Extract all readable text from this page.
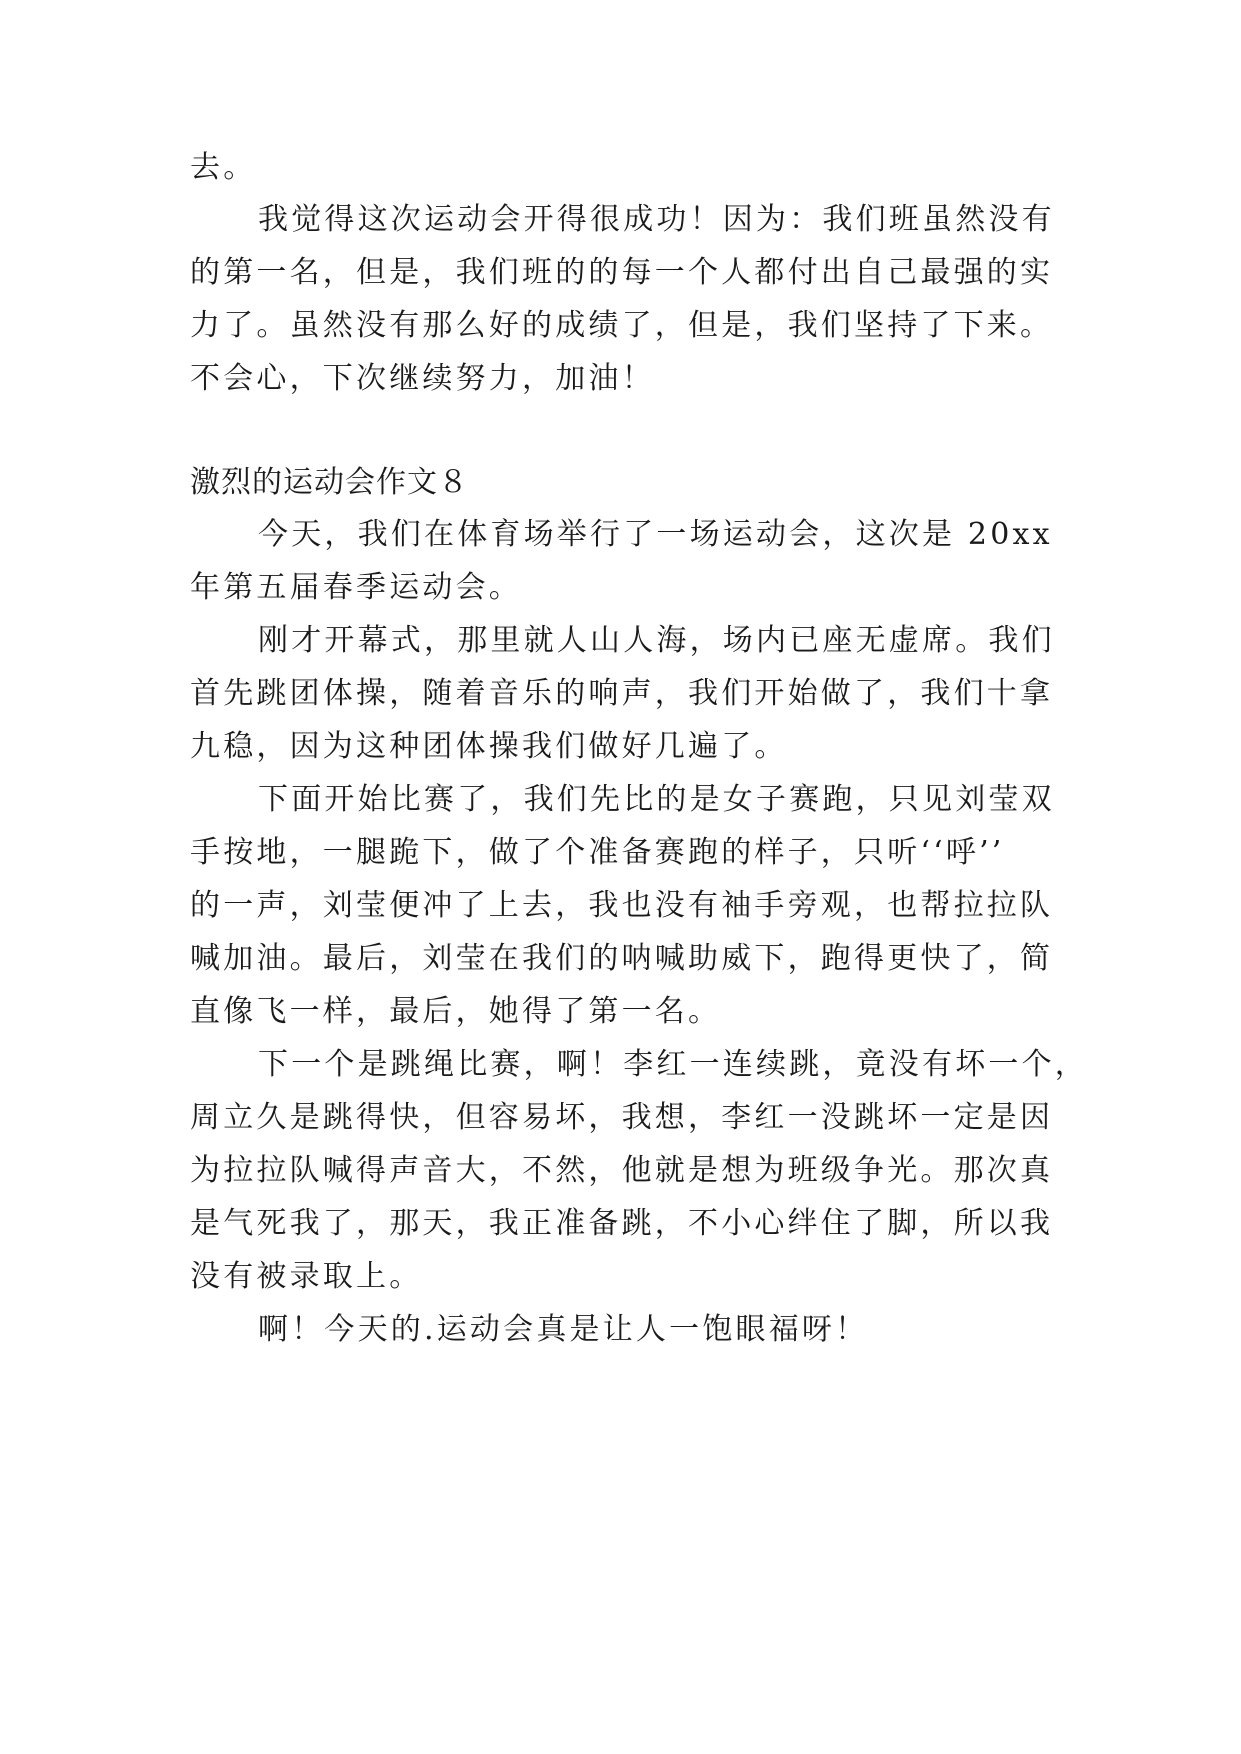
去。
我觉得这次运动会开得很成功！因为：我们班虽然没有
的第一名，但是，我们班的的每一个人都付出自己最强的实
力了。虽然没有那么好的成绩了，但是，我们坚持了下来。
不会心，下次继续努力，加油！
激烈的运动会作文８
今天，我们在体育场举行了一场运动会，这次是 20xx
年第五届春季运动会。
刚才开幕式，那里就人山人海，场内已座无虚席。我们
首先跳团体操，随着音乐的响声，我们开始做了，我们十拿
九稳，因为这种团体操我们做好几遍了。
下面开始比赛了，我们先比的是女子赛跑，只见刘莹双
手按地，一腿跪下，做了个准备赛跑的样子，只听‘‘呼’’
的一声，刘莹便冲了上去，我也没有袖手旁观，也帮拉拉队
喊加油。最后，刘莹在我们的呐喊助威下，跑得更快了，简
直像飞一样，最后，她得了第一名。
下一个是跳绳比赛，啊！李红一连续跳，竟没有坏一个，
周立久是跳得快，但容易坏，我想，李红一没跳坏一定是因
为拉拉队喊得声音大，不然，他就是想为班级争光。那次真
是气死我了，那天，我正准备跳，不小心绊住了脚，所以我
没有被录取上。
啊！今天的.运动会真是让人一饱眼福呀！
